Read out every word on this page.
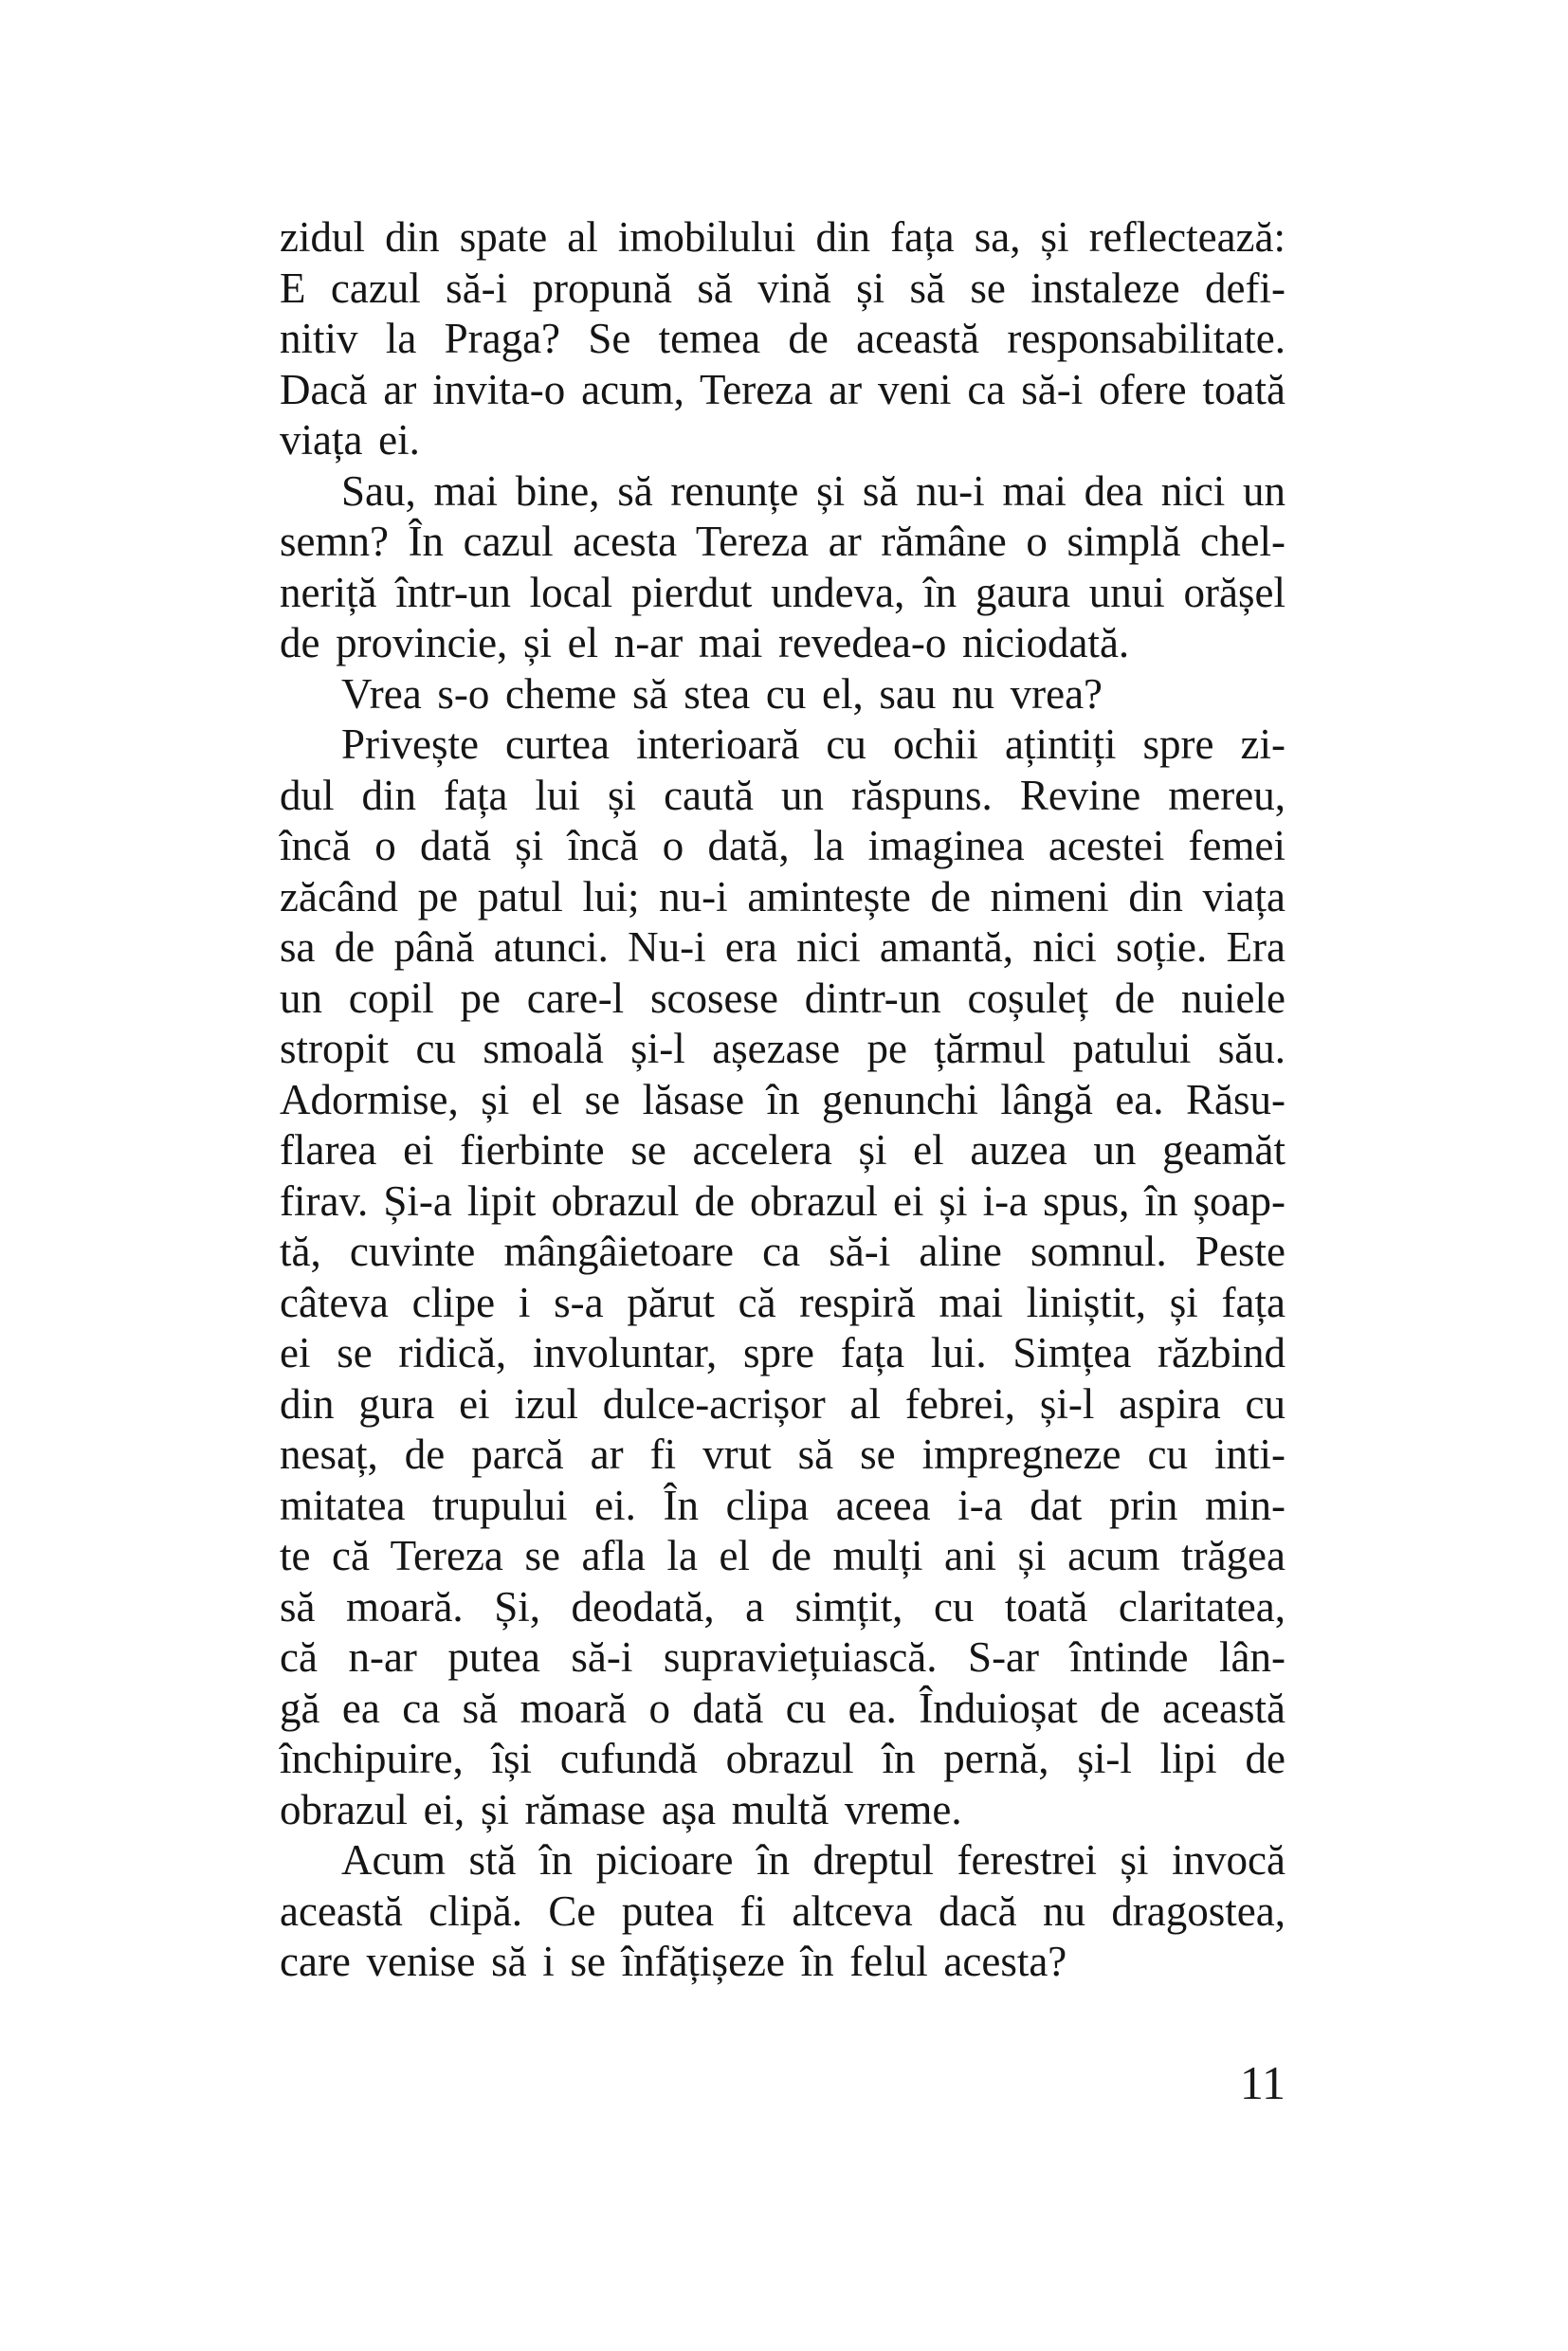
zidul din spate al imobilului din fața sa, și reflectează:
E cazul să-i propună să vină și să se instaleze defi-
nitiv la Praga? Se temea de această responsabilitate.
Dacă ar invita-o acum, Tereza ar veni ca să-i ofere toată
viața ei.
Sau, mai bine, să renunțe și să nu-i mai dea nici un
semn? În cazul acesta Tereza ar rămâne o simplă chel-
neriță într-un local pierdut undeva, în gaura unui orășel
de provincie, și el n-ar mai revedea-o niciodată.
Vrea s-o cheme să stea cu el, sau nu vrea?
Privește curtea interioară cu ochii ațintiți spre zi-
dul din fața lui și caută un răspuns. Revine mereu,
încă o dată și încă o dată, la imaginea acestei femei
zăcând pe patul lui; nu-i amintește de nimeni din viața
sa de până atunci. Nu-i era nici amantă, nici soție. Era
un copil pe care-l scosese dintr-un coșuleț de nuiele
stropit cu smoală și-l așezase pe țărmul patului său.
Adormise, și el se lăsase în genunchi lângă ea. Răsu-
flarea ei fierbinte se accelera și el auzea un geamăt
firav. Și-a lipit obrazul de obrazul ei și i-a spus, în șoap-
tă, cuvinte mângâietoare ca să-i aline somnul. Peste
câteva clipe i s-a părut că respiră mai liniștit, și fața
ei se ridică, involuntar, spre fața lui. Simțea răzbind
din gura ei izul dulce-acrișor al febrei, și-l aspira cu
nesaț, de parcă ar fi vrut să se impregneze cu inti-
mitatea trupului ei. În clipa aceea i-a dat prin min-
te că Tereza se afla la el de mulți ani și acum trăgea
să moară. Și, deodată, a simțit, cu toată claritatea,
că n-ar putea să-i supraviețuiască. S-ar întinde lân-
gă ea ca să moară o dată cu ea. Înduioșat de această
închipuire, își cufundă obrazul în pernă, și-l lipi de
obrazul ei, și rămase așa multă vreme.
Acum stă în picioare în dreptul ferestrei și invocă
această clipă. Ce putea fi altceva dacă nu dragostea,
care venise să i se înfățișeze în felul acesta?
11
